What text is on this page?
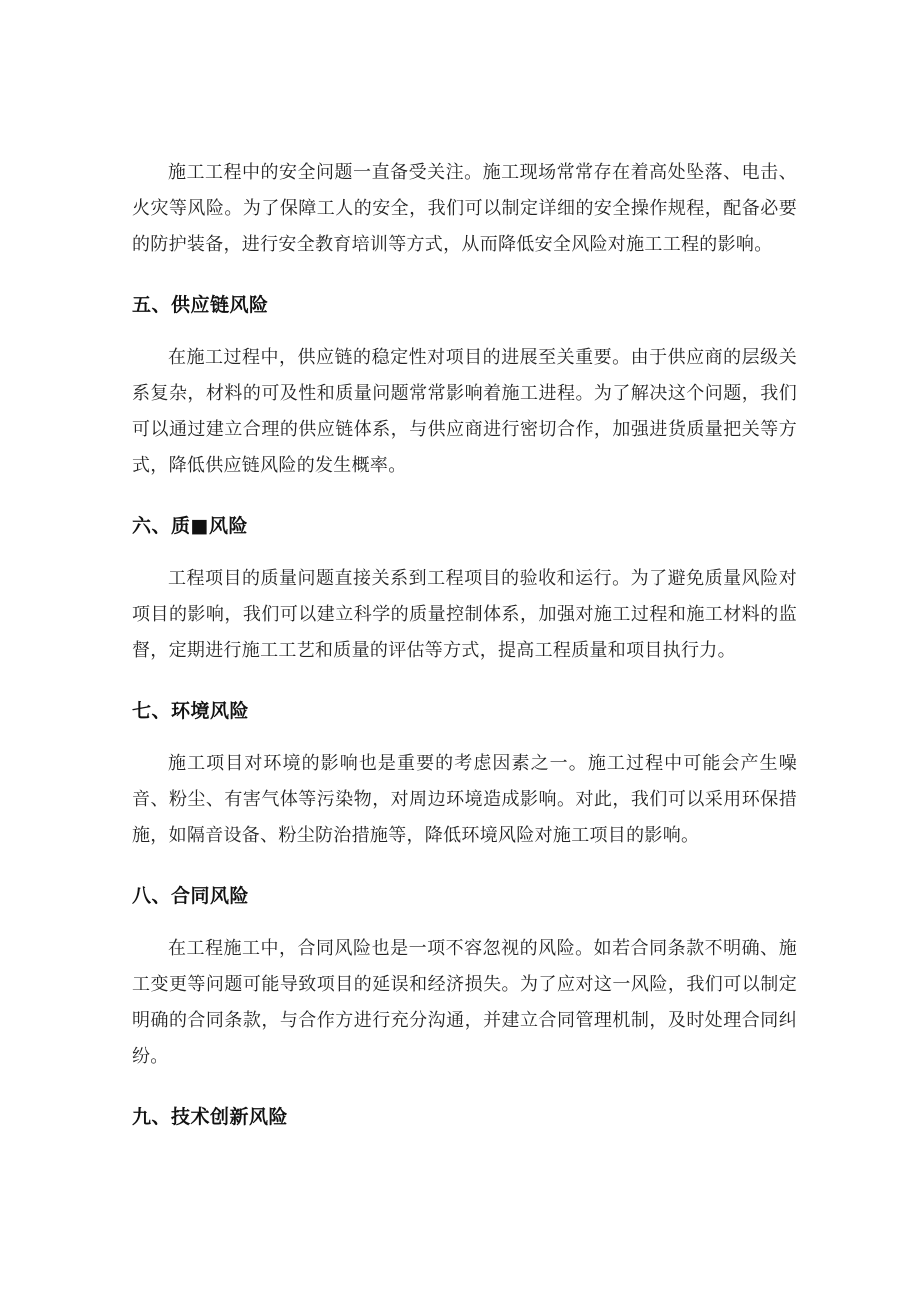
施工工程中的安全问题一直备受关注。施工现场常常存在着高处坠落、电击、火灾等风险。为了保障工人的安全，我们可以制定详细的安全操作规程，配备必要的防护装备，进行安全教育培训等方式，从而降低安全风险对施工工程的影响。

五、供应链风险

在施工过程中，供应链的稳定性对项目的进展至关重要。由于供应商的层级关系复杂，材料的可及性和质量问题常常影响着施工进程。为了解决这个问题，我们可以通过建立合理的供应链体系，与供应商进行密切合作，加强进货质量把关等方式，降低供应链风险的发生概率。

六、质■风险

工程项目的质量问题直接关系到工程项目的验收和运行。为了避免质量风险对项目的影响，我们可以建立科学的质量控制体系，加强对施工过程和施工材料的监督，定期进行施工工艺和质量的评估等方式，提高工程质量和项目执行力。

七、环境风险

施工项目对环境的影响也是重要的考虑因素之一。施工过程中可能会产生噪音、粉尘、有害气体等污染物，对周边环境造成影响。对此，我们可以采用环保措施，如隔音设备、粉尘防治措施等，降低环境风险对施工项目的影响。

八、合同风险

在工程施工中，合同风险也是一项不容忽视的风险。如若合同条款不明确、施工变更等问题可能导致项目的延误和经济损失。为了应对这一风险，我们可以制定明确的合同条款，与合作方进行充分沟通，并建立合同管理机制，及时处理合同纠纷。

九、技术创新风险
